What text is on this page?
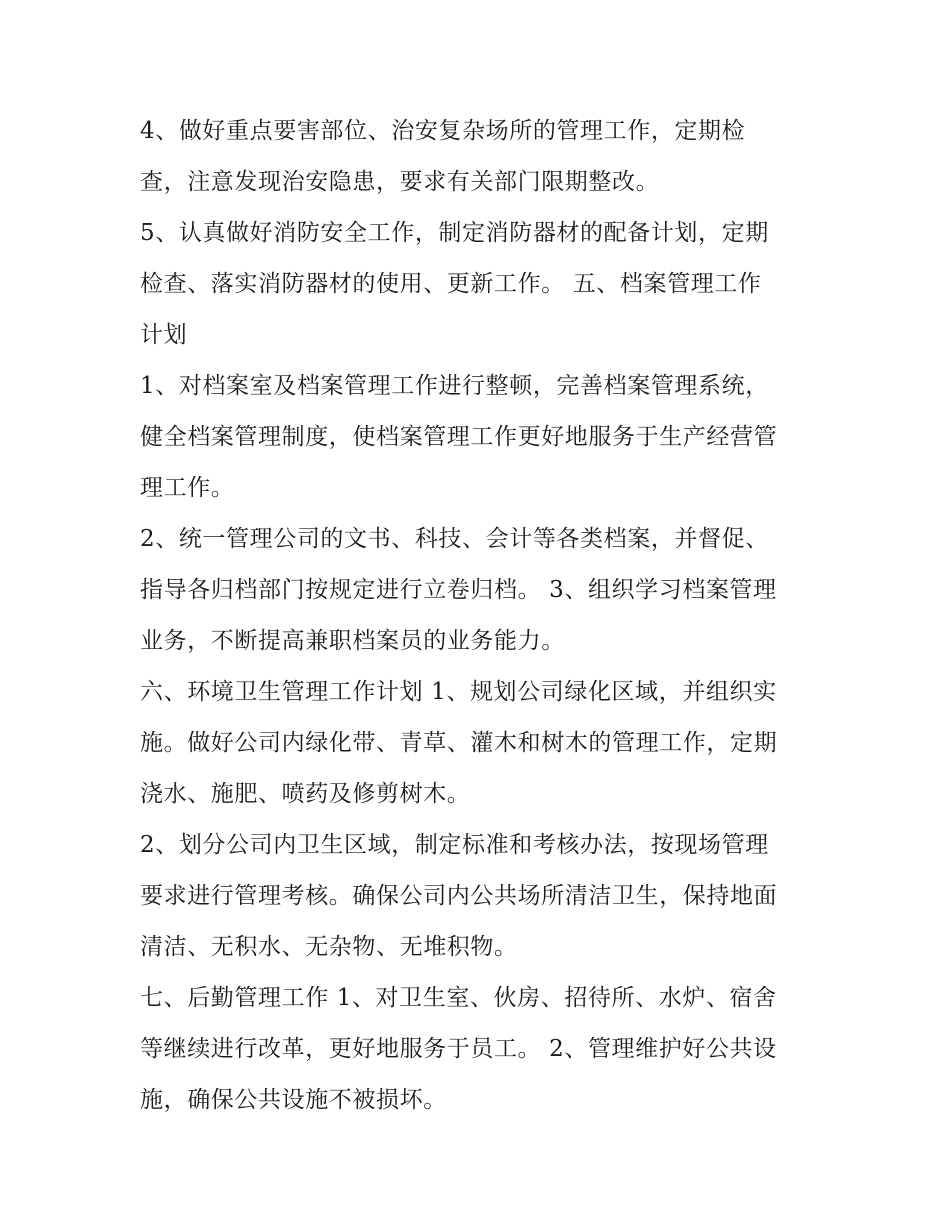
4、做好重点要害部位、治安复杂场所的管理工作，定期检
查，注意发现治安隐患，要求有关部门限期整改。
5、认真做好消防安全工作，制定消防器材的配备计划，定期
检查、落实消防器材的使用、更新工作。 五、档案管理工作
计划
1、对档案室及档案管理工作进行整顿，完善档案管理系统，
健全档案管理制度，使档案管理工作更好地服务于生产经营管
理工作。
2、统一管理公司的文书、科技、会计等各类档案，并督促、
指导各归档部门按规定进行立卷归档。 3、组织学习档案管理
业务，不断提高兼职档案员的业务能力。
六、环境卫生管理工作计划 1、规划公司绿化区域，并组织实
施。做好公司内绿化带、青草、灌木和树木的管理工作，定期
浇水、施肥、喷药及修剪树木。
2、划分公司内卫生区域，制定标准和考核办法，按现场管理
要求进行管理考核。确保公司内公共场所清洁卫生，保持地面
清洁、无积水、无杂物、无堆积物。
七、后勤管理工作 1、对卫生室、伙房、招待所、水炉、宿舍
等继续进行改革，更好地服务于员工。 2、管理维护好公共设
施，确保公共设施不被损坏。
